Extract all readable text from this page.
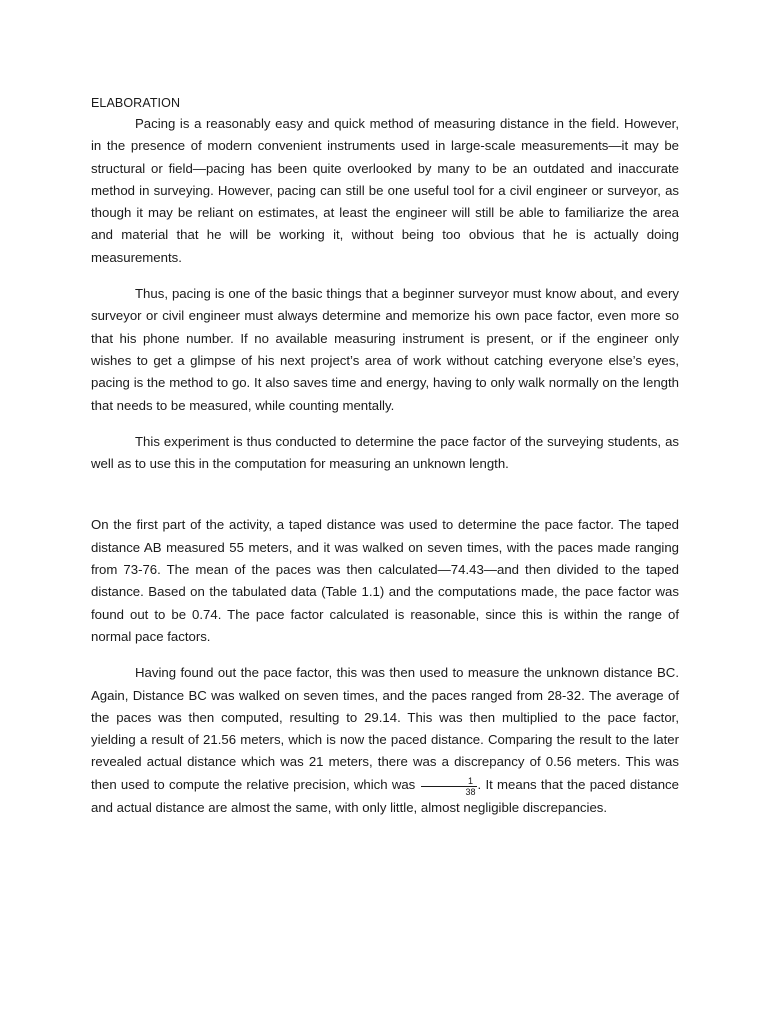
ELABORATION

Pacing is a reasonably easy and quick method of measuring distance in the field. However, in the presence of modern convenient instruments used in large-scale measurements—it may be structural or field—pacing has been quite overlooked by many to be an outdated and inaccurate method in surveying. However, pacing can still be one useful tool for a civil engineer or surveyor, as though it may be reliant on estimates, at least the engineer will still be able to familiarize the area and material that he will be working it, without being too obvious that he is actually doing measurements.

Thus, pacing is one of the basic things that a beginner surveyor must know about, and every surveyor or civil engineer must always determine and memorize his own pace factor, even more so that his phone number. If no available measuring instrument is present, or if the engineer only wishes to get a glimpse of his next project’s area of work without catching everyone else’s eyes, pacing is the method to go. It also saves time and energy, having to only walk normally on the length that needs to be measured, while counting mentally.

This experiment is thus conducted to determine the pace factor of the surveying students, as well as to use this in the computation for measuring an unknown length.

On the first part of the activity, a taped distance was used to determine the pace factor. The taped distance AB measured 55 meters, and it was walked on seven times, with the paces made ranging from 73-76. The mean of the paces was then calculated—74.43—and then divided to the taped distance. Based on the tabulated data (Table 1.1) and the computations made, the pace factor was found out to be 0.74. The pace factor calculated is reasonable, since this is within the range of normal pace factors.

Having found out the pace factor, this was then used to measure the unknown distance BC. Again, Distance BC was walked on seven times, and the paces ranged from 28-32. The average of the paces was then computed, resulting to 29.14. This was then multiplied to the pace factor, yielding a result of 21.56 meters, which is now the paced distance. Comparing the result to the later revealed actual distance which was 21 meters, there was a discrepancy of 0.56 meters. This was then used to compute the relative precision, which was $\frac{1}{38}$ . It means that the paced distance and actual distance are almost the same, with only little, almost negligible discrepancies.
